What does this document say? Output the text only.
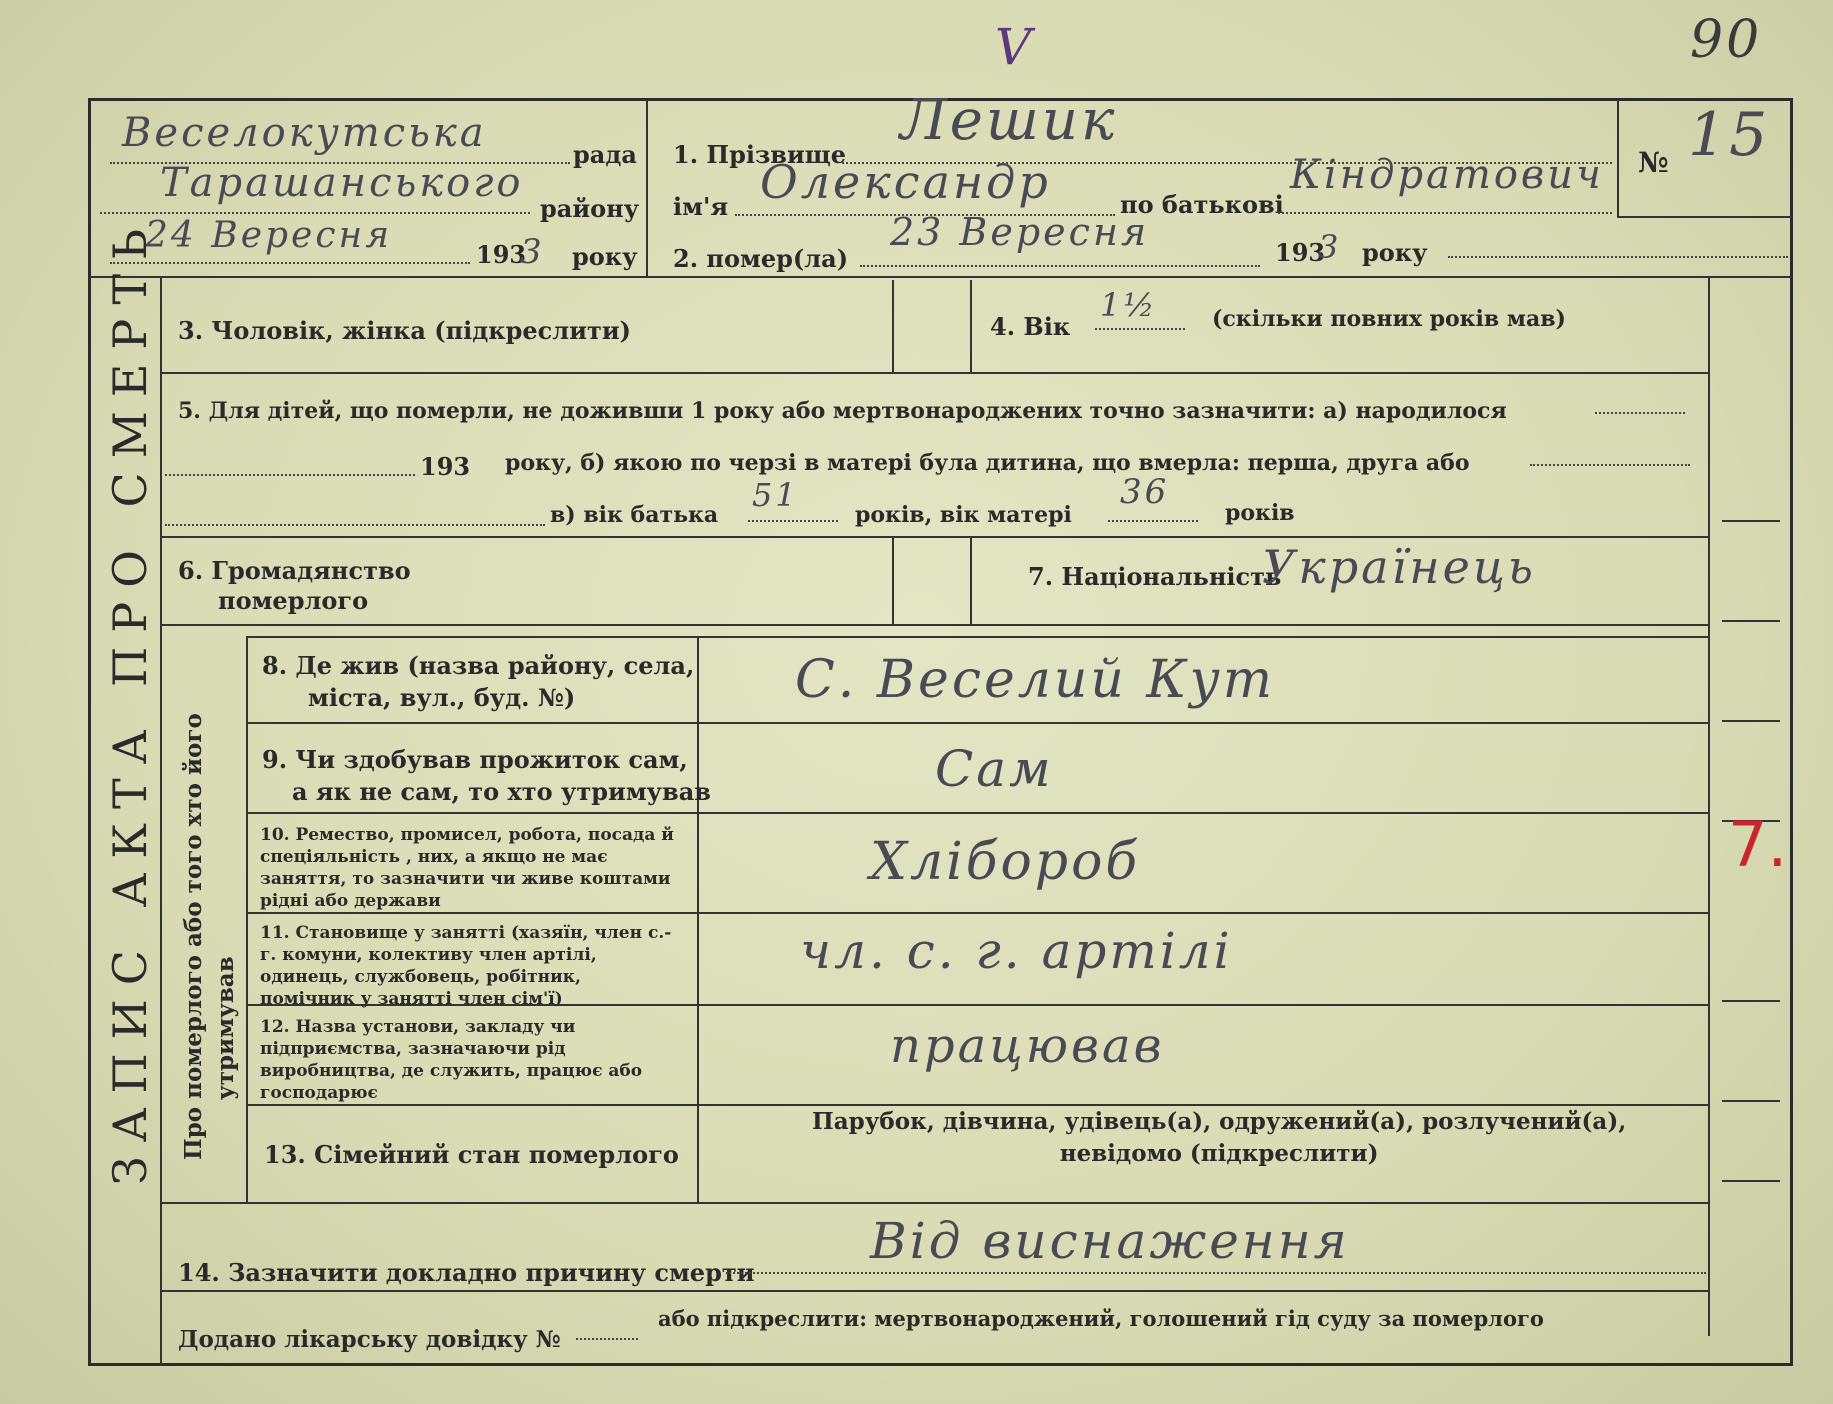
90
V
Веселокутська	рада
Тарашанського
району
24 Вересня	193
3 року
1. Прізвище
Лешик
ім'я Олександр	по батькові
Кіндратович
2. помер(ла)
23 Вересня	193
3 року
№ 15
ЗАПИС АКТА ПРО СМЕРТЬ Про померлого або того хто його утримував
3. Чоловік, жінка (підкреслити)	4. Вік
1½ (скільки повних років мав)
5. Для дітей, що померли, не доживши 1 року або мертвонароджених точно зазначити: а) народилося
193 року, б) якою по черзі в матері була дитина, що вмерла: перша, друга або
в) вік батька
51
років, вік матері
36
років
6. Громадянство
померлого
7. Національність
Українець
8. Де жив (назва району, села,
міста, вул., буд. №)	С. Веселий Кут
9. Чи здобував прожиток сам,
а як не сам, то хто утримував	Сам
10. Ремество, промисел, робота, посада й спеціяльність , них, а якщо не має заняття, то зазначити чи живе коштами рідні або держави
Хлібороб
11. Становище у занятті (хазяїн, член с.-г. комуни, колективу член артілі, одинець, службовець, робітник, помічник у занятті член сім'ї)
чл. с. г. артілі
12. Назва установи, закладу чи підприємства, зазначаючи рід виробництва, де служить, працює або господарює
працював
13. Сімейний стан померлого
Парубок, дівчина, удівець(а), одружений(а), розлучений(а),
невідомо (підкреслити)
14. Зазначити докладно причину смерти
Від виснаження
Додано лікарську довідку №
або підкреслити: мертвонароджений, голошений гід суду за померлого
7.
